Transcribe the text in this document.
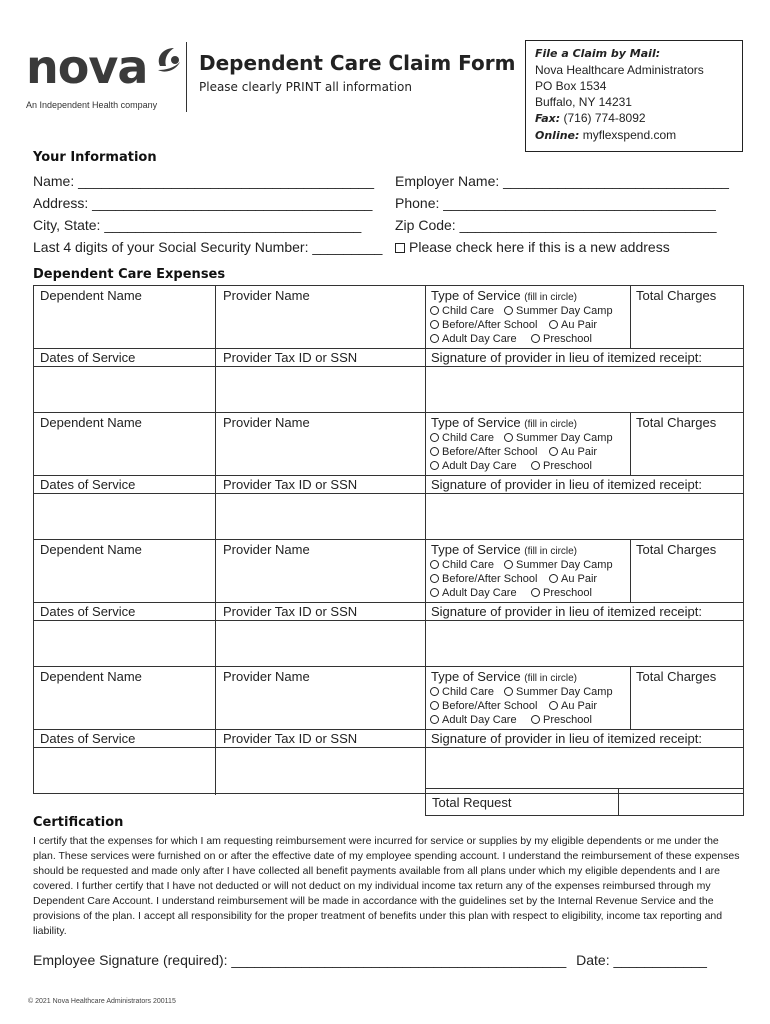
nova
An Independent Health company
Dependent Care Claim Form
Please clearly PRINT all information
File a Claim by Mail:
Nova Healthcare Administrators
PO Box 1534
Buffalo, NY 14231
Fax: (716) 774-8092
Online: myflexspend.com
Your Information
Name: ______________________________________
Address: ____________________________________
City, State: _________________________________
Last 4 digits of your Social Security Number: _________
Employer Name: _____________________________
Phone: ___________________________________
Zip Code: _________________________________
Please check here if this is a new address
Dependent Care Expenses
Dependent Name	Provider Name	Type of Service (fill in circle)	Total Charges
Child Care	Summer Day Camp
Before/After School	Au Pair
Adult Day Care	Preschool
Dates of Service	Provider Tax ID or SSN	Signature of provider in lieu of itemized receipt:
Dependent Name	Provider Name	Type of Service (fill in circle)	Total Charges
Child Care	Summer Day Camp
Before/After School	Au Pair
Adult Day Care	Preschool
Dates of Service	Provider Tax ID or SSN	Signature of provider in lieu of itemized receipt:
Dependent Name	Provider Name	Type of Service (fill in circle)	Total Charges
Child Care	Summer Day Camp
Before/After School	Au Pair
Adult Day Care	Preschool
Dates of Service	Provider Tax ID or SSN	Signature of provider in lieu of itemized receipt:
Dependent Name	Provider Name	Type of Service (fill in circle)	Total Charges
Child Care	Summer Day Camp
Before/After School	Au Pair
Adult Day Care	Preschool
Dates of Service	Provider Tax ID or SSN	Signature of provider in lieu of itemized receipt:
Total Request
Certification
I certify that the expenses for which I am requesting reimbursement were incurred for service or supplies by my eligible dependents or me under the plan. These services were furnished on or after the effective date of my employee spending account. I understand the reimbursement of these expenses should be requested and made only after I have collected all benefit payments available from all plans under which my eligible dependents and I are covered. I further certify that I have not deducted or will not deduct on my individual income tax return any of the expenses reimbursed through my Dependent Care Account. I understand reimbursement will be made in accordance with the guidelines set by the Internal Revenue Service and the provisions of the plan. I accept all responsibility for the proper treatment of benefits under this plan with respect to eligibility, income tax reporting and liability.
Employee Signature (required): ___________________________________________ Date: ____________
© 2021 Nova Healthcare Administrators 200115
